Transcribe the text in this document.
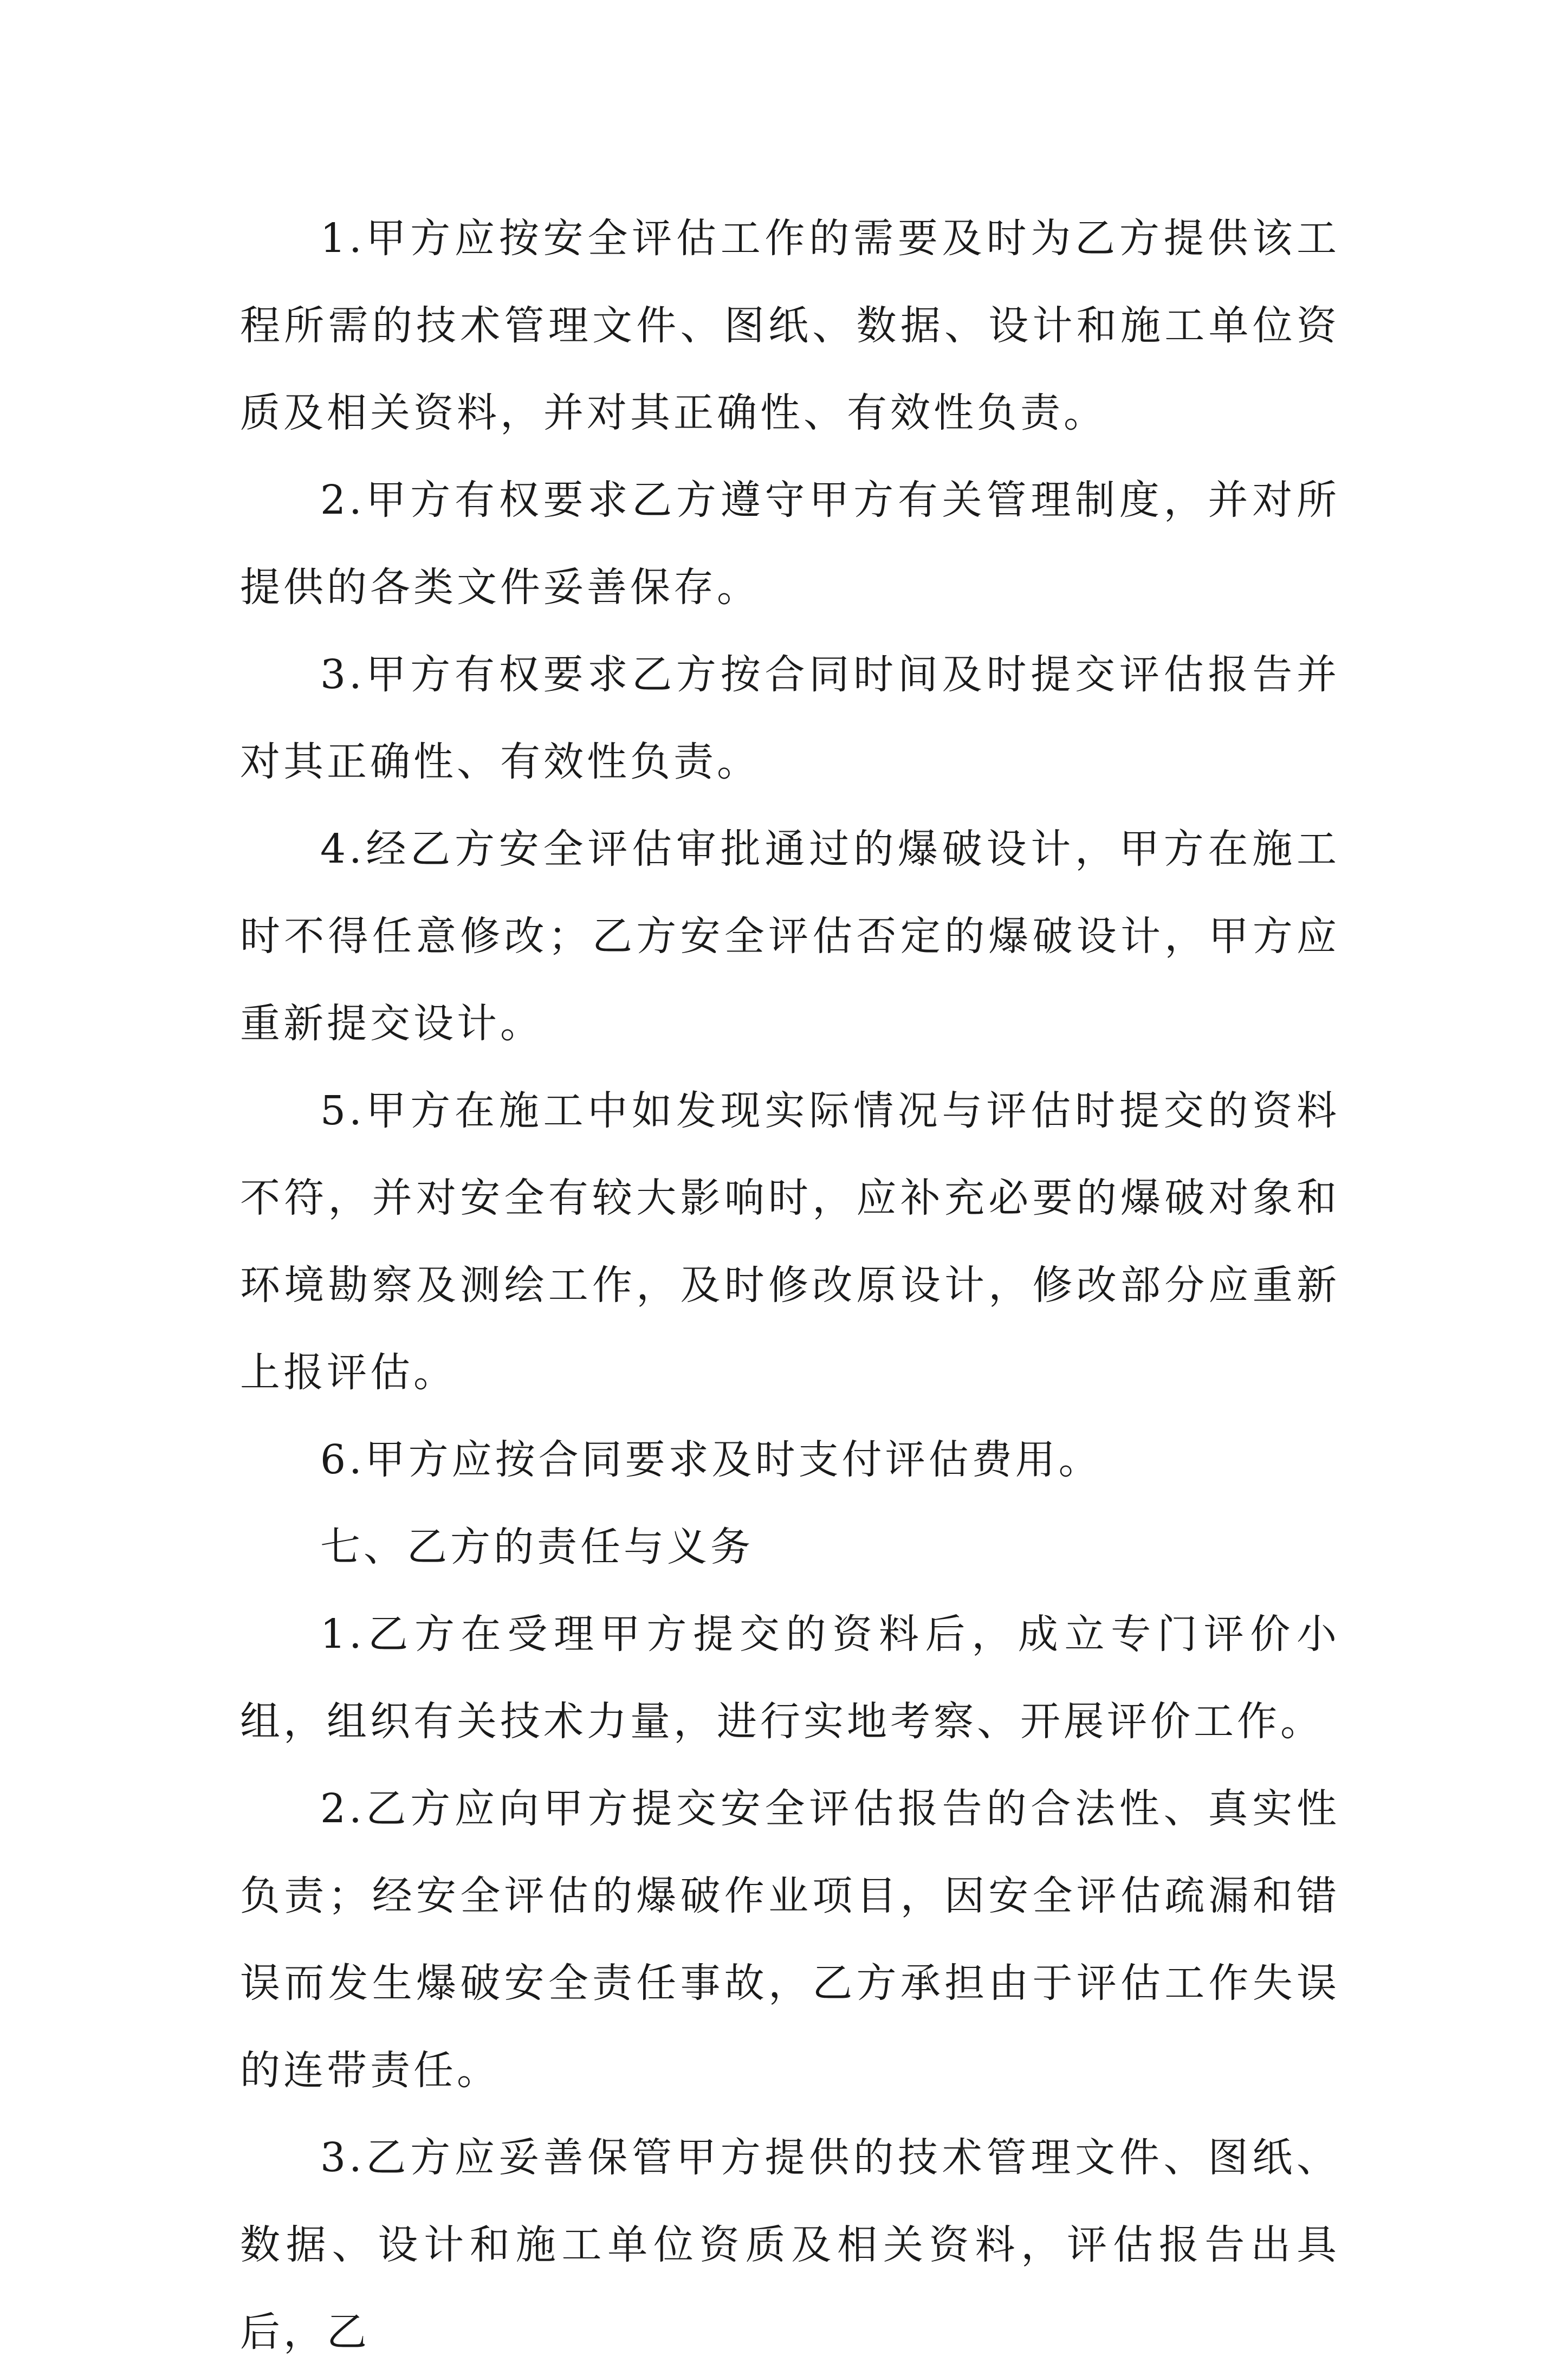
1.甲方应按安全评估工作的需要及时为乙方提供该工程所需的技术管理文件、图纸、数据、设计和施工单位资质及相关资料，并对其正确性、有效性负责。

2.甲方有权要求乙方遵守甲方有关管理制度，并对所提供的各类文件妥善保存。

3.甲方有权要求乙方按合同时间及时提交评估报告并对其正确性、有效性负责。

4.经乙方安全评估审批通过的爆破设计，甲方在施工时不得任意修改；乙方安全评估否定的爆破设计，甲方应重新提交设计。

5.甲方在施工中如发现实际情况与评估时提交的资料不符，并对安全有较大影响时，应补充必要的爆破对象和环境勘察及测绘工作，及时修改原设计，修改部分应重新上报评估。

6.甲方应按合同要求及时支付评估费用。

七、乙方的责任与义务

1.乙方在受理甲方提交的资料后，成立专门评价小组，组织有关技术力量，进行实地考察、开展评价工作。

2.乙方应向甲方提交安全评估报告的合法性、真实性负责；经安全评估的爆破作业项目，因安全评估疏漏和错误而发生爆破安全责任事故，乙方承担由于评估工作失误的连带责任。

3.乙方应妥善保管甲方提供的技术管理文件、图纸、数据、设计和施工单位资质及相关资料，评估报告出具后，乙
